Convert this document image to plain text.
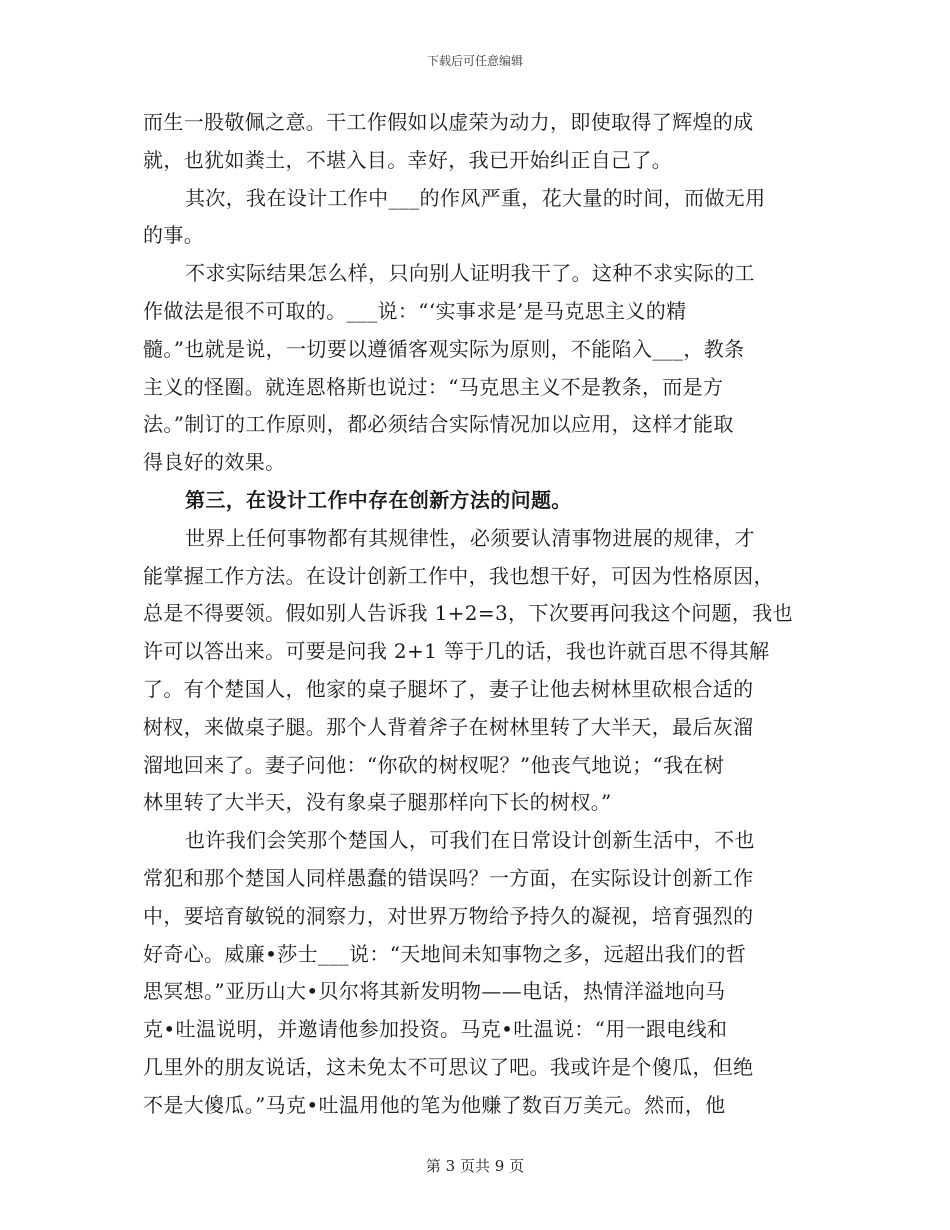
下载后可任意编辑
而生一股敬佩之意。干工作假如以虚荣为动力，即使取得了辉煌的成
就，也犹如粪土，不堪入目。幸好，我已开始纠正自己了。
其次，我在设计工作中___的作风严重，花大量的时间，而做无用
的事。
不求实际结果怎么样，只向别人证明我干了。这种不求实际的工
作做法是很不可取的。___说：“‘实事求是’是马克思主义的精
髓。”也就是说，一切要以遵循客观实际为原则，不能陷入___，教条
主义的怪圈。就连恩格斯也说过：“马克思主义不是教条，而是方
法。”制订的工作原则，都必须结合实际情况加以应用，这样才能取
得良好的效果。
第三，在设计工作中存在创新方法的问题。
世界上任何事物都有其规律性，必须要认清事物进展的规律，才
能掌握工作方法。在设计创新工作中，我也想干好，可因为性格原因，
总是不得要领。假如别人告诉我 1+2=3，下次要再问我这个问题，我也
许可以答出来。可要是问我 2+1 等于几的话，我也许就百思不得其解
了。有个楚国人，他家的桌子腿坏了，妻子让他去树林里砍根合适的
树杈，来做桌子腿。那个人背着斧子在树林里转了大半天，最后灰溜
溜地回来了。妻子问他：“你砍的树杈呢？”他丧气地说；“我在树
林里转了大半天，没有象桌子腿那样向下长的树杈。”
也许我们会笑那个楚国人，可我们在日常设计创新生活中，不也
常犯和那个楚国人同样愚蠢的错误吗？一方面，在实际设计创新工作
中，要培育敏锐的洞察力，对世界万物给予持久的凝视，培育强烈的
好奇心。威廉•莎士___说：“天地间未知事物之多，远超出我们的哲
思冥想。”亚历山大•贝尔将其新发明物——电话，热情洋溢地向马
克•吐温说明，并邀请他参加投资。马克•吐温说：“用一跟电线和
几里外的朋友说话，这未免太不可思议了吧。我或许是个傻瓜，但绝
不是大傻瓜。”马克•吐温用他的笔为他赚了数百万美元。然而，他
第 3 页共 9 页
